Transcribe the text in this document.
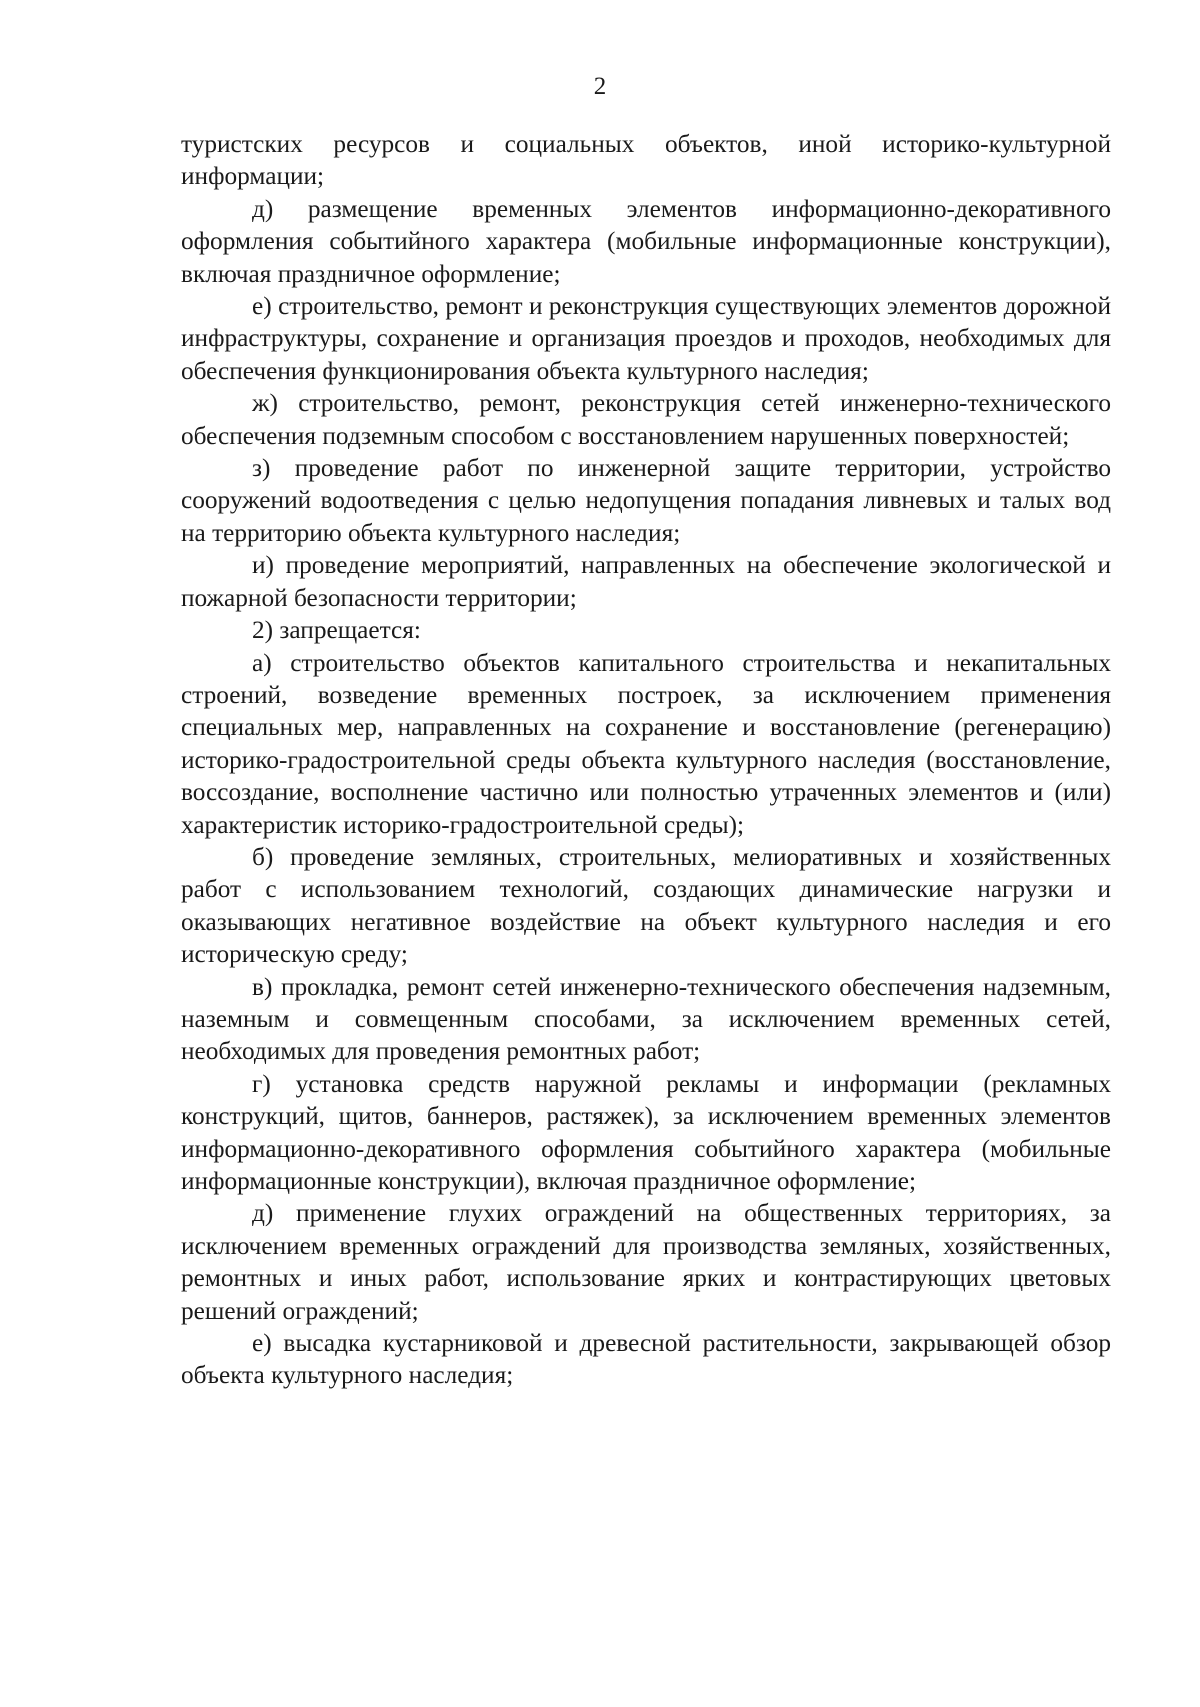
2

туристских ресурсов и социальных объектов, иной историко-культурной информации;

д) размещение временных элементов информационно-декоративного оформления событийного характера (мобильные информационные конструкции), включая праздничное оформление;

е) строительство, ремонт и реконструкция существующих элементов дорожной инфраструктуры, сохранение и организация проездов и проходов, необходимых для обеспечения функционирования объекта культурного наследия;

ж) строительство, ремонт, реконструкция сетей инженерно-технического обеспечения подземным способом с восстановлением нарушенных поверхностей;

з) проведение работ по инженерной защите территории, устройство сооружений водоотведения с целью недопущения попадания ливневых и талых вод на территорию объекта культурного наследия;

и) проведение мероприятий, направленных на обеспечение экологической и пожарной безопасности территории;

2) запрещается:

а) строительство объектов капитального строительства и некапитальных строений, возведение временных построек, за исключением применения специальных мер, направленных на сохранение и восстановление (регенерацию) историко-градостроительной среды объекта культурного наследия (восстановление, воссоздание, восполнение частично или полностью утраченных элементов и (или) характеристик историко-градостроительной среды);

б) проведение земляных, строительных, мелиоративных и хозяйственных работ с использованием технологий, создающих динамические нагрузки и оказывающих негативное воздействие на объект культурного наследия и его историческую среду;

в) прокладка, ремонт сетей инженерно-технического обеспечения надземным, наземным и совмещенным способами, за исключением временных сетей, необходимых для проведения ремонтных работ;

г) установка средств наружной рекламы и информации (рекламных конструкций, щитов, баннеров, растяжек), за исключением временных элементов информационно-декоративного оформления событийного характера (мобильные информационные конструкции), включая праздничное оформление;

д) применение глухих ограждений на общественных территориях, за исключением временных ограждений для производства земляных, хозяйственных, ремонтных и иных работ, использование ярких и контрастирующих цветовых решений ограждений;

е) высадка кустарниковой и древесной растительности, закрывающей обзор объекта культурного наследия;
